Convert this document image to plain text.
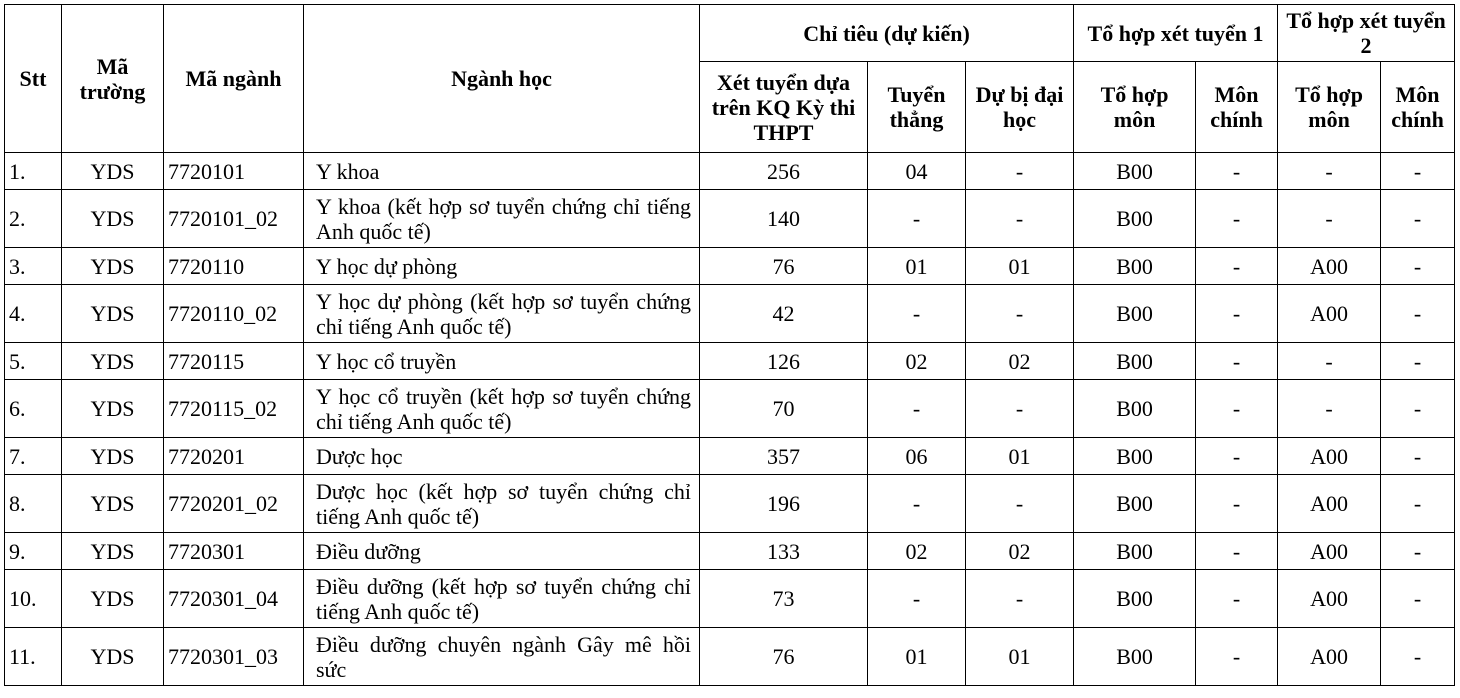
Stt	Mã trường	Mã ngành	Ngành học	Chỉ tiêu (dự kiến)			Tổ hợp xét tuyển 1		Tổ hợp xét tuyển 2	
				Xét tuyển dựa trên KQ Kỳ thi THPT	Tuyển thẳng	Dự bị đại học	Tổ hợp môn	Môn chính	Tổ hợp môn	Môn chính
1.	YDS	7720101	Y khoa	256	04	-	B00	-	-	-
2.	YDS	7720101_02	Y khoa (kết hợp sơ tuyển chứng chỉ tiếng Anh quốc tế)	140	-	-	B00	-	-	-
3.	YDS	7720110	Y học dự phòng	76	01	01	B00	-	A00	-
4.	YDS	7720110_02	Y học dự phòng (kết hợp sơ tuyển chứng chỉ tiếng Anh quốc tế)	42	-	-	B00	-	A00	-
5.	YDS	7720115	Y học cổ truyền	126	02	02	B00	-	-	-
6.	YDS	7720115_02	Y học cổ truyền (kết hợp sơ tuyển chứng chỉ tiếng Anh quốc tế)	70	-	-	B00	-	-	-
7.	YDS	7720201	Dược học	357	06	01	B00	-	A00	-
8.	YDS	7720201_02	Dược học (kết hợp sơ tuyển chứng chỉ tiếng Anh quốc tế)	196	-	-	B00	-	A00	-
9.	YDS	7720301	Điều dưỡng	133	02	02	B00	-	A00	-
10.	YDS	7720301_04	Điều dưỡng (kết hợp sơ tuyển chứng chỉ tiếng Anh quốc tế)	73	-	-	B00	-	A00	-
11.	YDS	7720301_03	Điều dưỡng chuyên ngành Gây mê hồi sức	76	01	01	B00	-	A00	-
